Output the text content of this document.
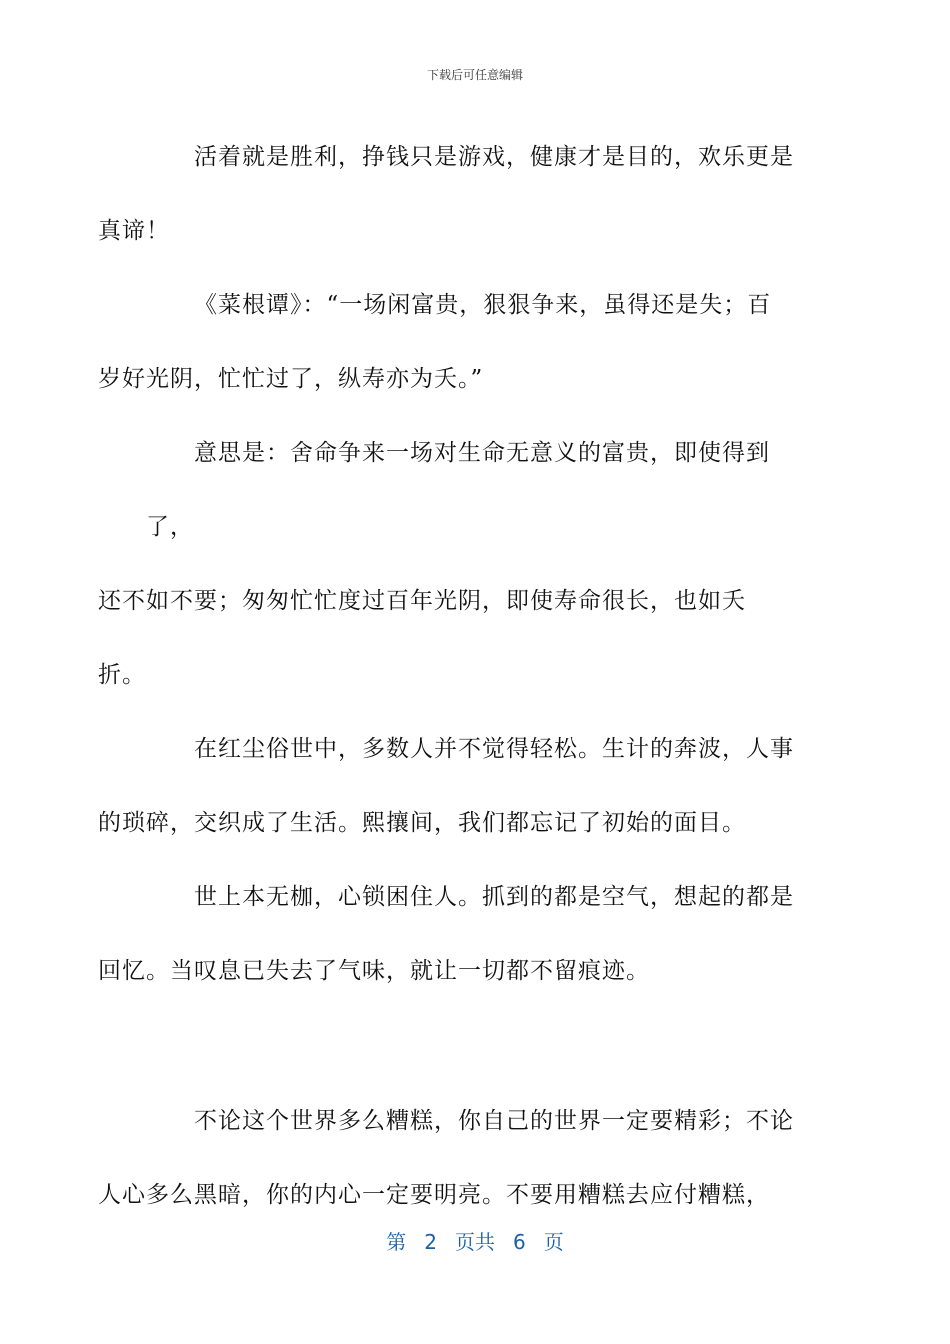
下载后可任意编辑

活着就是胜利，挣钱只是游戏，健康才是目的，欢乐更是
真谛！

《菜根谭》：“一场闲富贵，狠狠争来，虽得还是失；百
岁好光阴，忙忙过了，纵寿亦为夭。”

意思是：舍命争来一场对生命无意义的富贵，即使得到了，
还不如不要；匆匆忙忙度过百年光阴，即使寿命很长，也如夭
折。

在红尘俗世中，多数人并不觉得轻松。生计的奔波，人事
的琐碎，交织成了生活。熙攘间，我们都忘记了初始的面目。

世上本无枷，心锁困住人。抓到的都是空气，想起的都是
回忆。当叹息已失去了气味，就让一切都不留痕迹。

不论这个世界多么糟糕，你自己的世界一定要精彩；不论
人心多么黑暗，你的内心一定要明亮。不要用糟糕去应付糟糕，

第 2 页共 6 页
